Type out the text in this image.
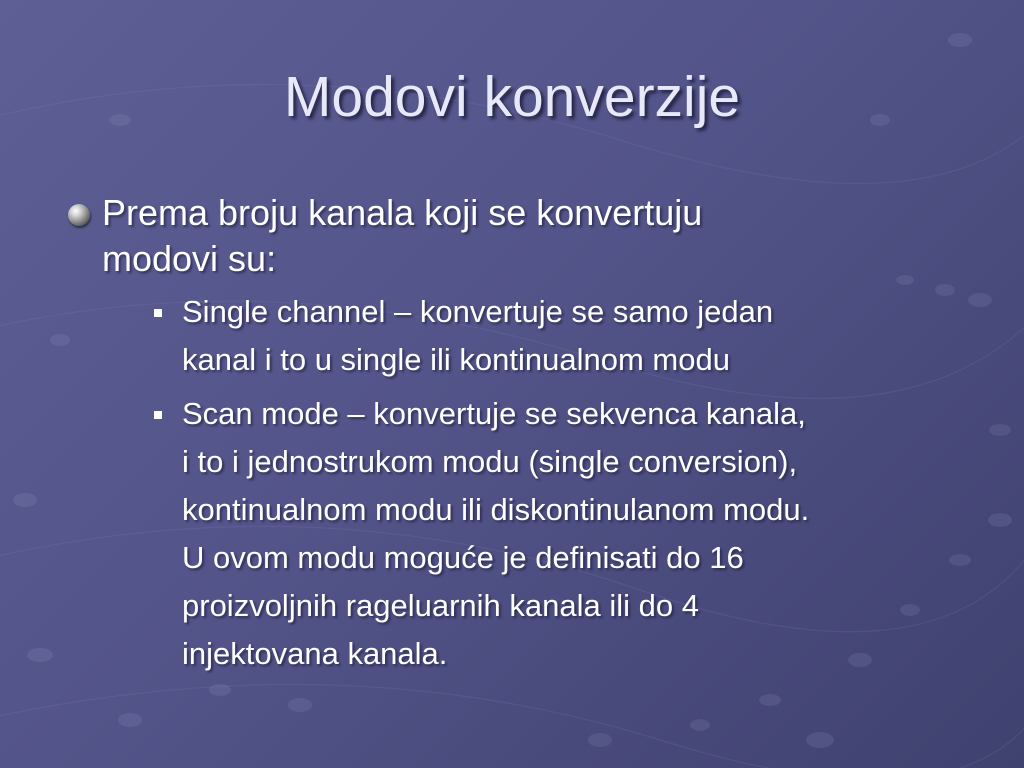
Modovi konverzije
Prema broju kanala koji se konvertuju
modovi su:
Single channel – konvertuje se samo jedan
kanal i to u single ili kontinualnom modu
Scan mode – konvertuje se sekvenca kanala,
i to i jednostrukom modu (single conversion),
kontinualnom modu ili diskontinulanom modu.
U ovom modu moguće je definisati do 16
proizvoljnih rageluarnih kanala ili do 4
injektovana kanala.
